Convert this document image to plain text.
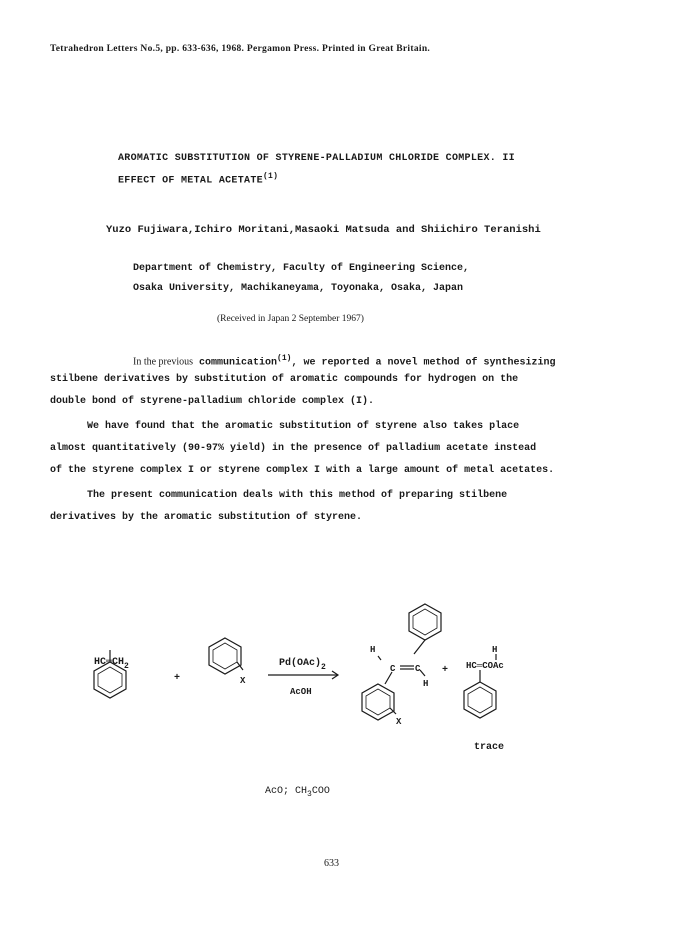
Tetrahedron Letters No.5, pp. 633-636, 1968. Pergamon Press. Printed in Great Britain.
AROMATIC SUBSTITUTION OF STYRENE-PALLADIUM CHLORIDE COMPLEX. II
EFFECT OF METAL ACETATE$^{(1)}$
Yuzo Fujiwara,Ichiro Moritani,Masaoki Matsuda and Shiichiro Teranishi
Department of Chemistry, Faculty of Engineering Science,
Osaka University, Machikaneyama, Toyonaka, Osaka, Japan
(Received in Japan 2 September 1967)
In the previous communication$^{(1)}$, we reported a novel method of synthesizing
stilbene derivatives by substitution of aromatic compounds for hydrogen on the
double bond of styrene-palladium chloride complex (I).
We have found that the aromatic substitution of styrene also takes place
almost quantitatively (90-97% yield) in the presence of palladium acetate instead
of the styrene complex I or styrene complex I with a large amount of metal acetates.
The present communication deals with this method of preparing stilbene
derivatives by the aromatic substitution of styrene.
$HC═CH_2$
+	X
$Pd(OAc)_2$
AcOH
H
C C
H
X
+
H
HC═COAc
trace
AcO; $CH_3COO$
633
